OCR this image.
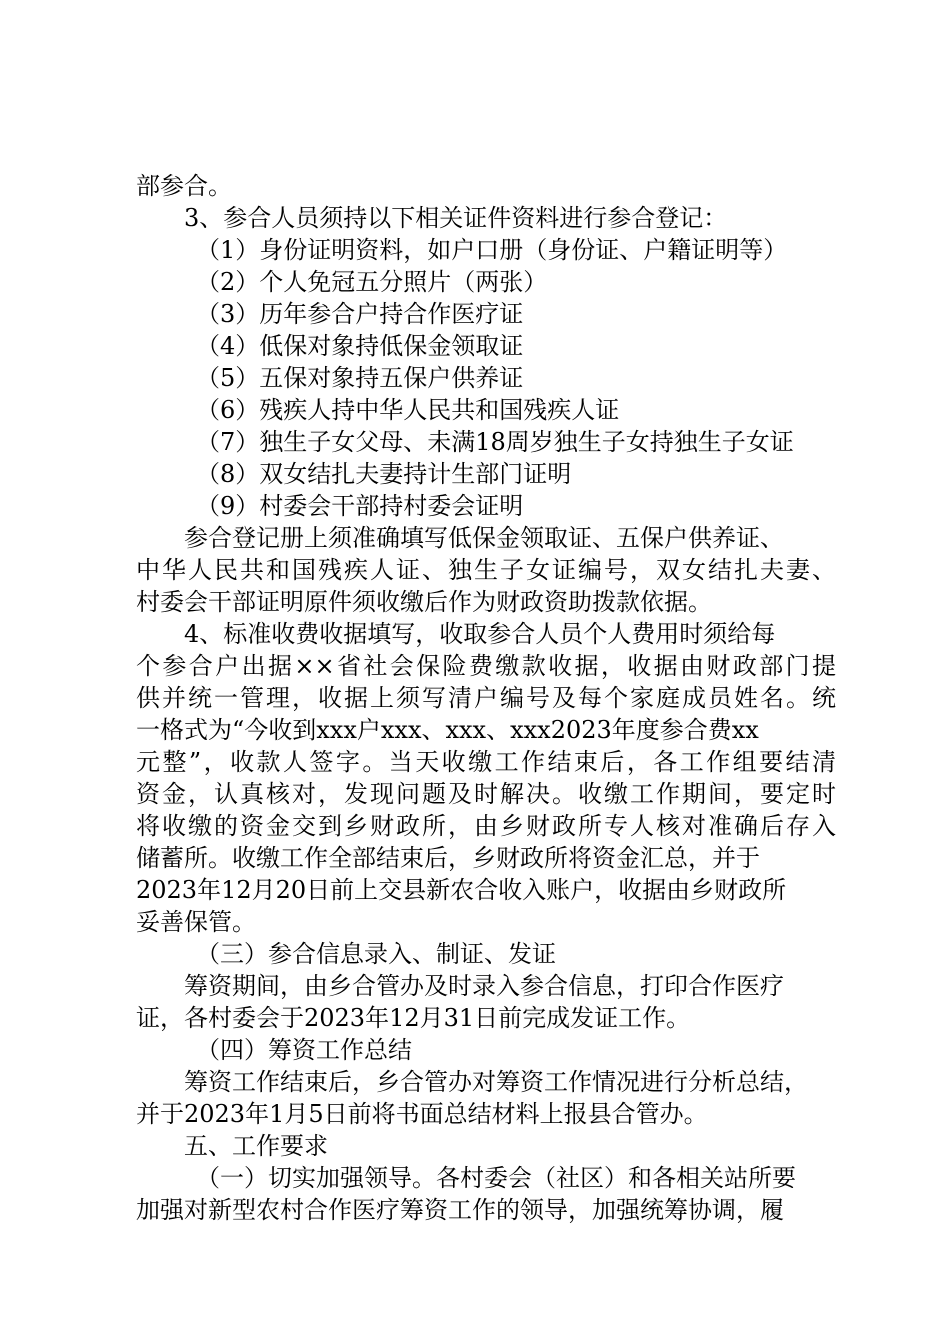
部参合。
3、参合人员须持以下相关证件资料进行参合登记：
（1）身份证明资料，如户口册（身份证、户籍证明等）
（2）个人免冠五分照片（两张）
（3）历年参合户持合作医疗证
（4）低保对象持低保金领取证
（5）五保对象持五保户供养证
（6）残疾人持中华人民共和国残疾人证
（7）独生子女父母、未满18周岁独生子女持独生子女证
（8）双女结扎夫妻持计生部门证明
（9）村委会干部持村委会证明
参合登记册上须准确填写低保金领取证、五保户供养证、
中华人民共和国残疾人证、独生子女证编号，双女结扎夫妻、
村委会干部证明原件须收缴后作为财政资助拨款依据。
4、标准收费收据填写，收取参合人员个人费用时须给每
个参合户出据××省社会保险费缴款收据，收据由财政部门提
供并统一管理，收据上须写清户编号及每个家庭成员姓名。统
一格式为“今收到xxx户xxx、xxx、xxx2023年度参合费xx
元整”，收款人签字。当天收缴工作结束后，各工作组要结清
资金，认真核对，发现问题及时解决。收缴工作期间，要定时
将收缴的资金交到乡财政所，由乡财政所专人核对准确后存入
储蓄所。收缴工作全部结束后，乡财政所将资金汇总，并于
2023年12月20日前上交县新农合收入账户，收据由乡财政所
妥善保管。
（三）参合信息录入、制证、发证
筹资期间，由乡合管办及时录入参合信息，打印合作医疗
证，各村委会于2023年12月31日前完成发证工作。
（四）筹资工作总结
筹资工作结束后，乡合管办对筹资工作情况进行分析总结，
并于2023年1月5日前将书面总结材料上报县合管办。
五、工作要求
（一）切实加强领导。各村委会（社区）和各相关站所要
加强对新型农村合作医疗筹资工作的领导，加强统筹协调，履
